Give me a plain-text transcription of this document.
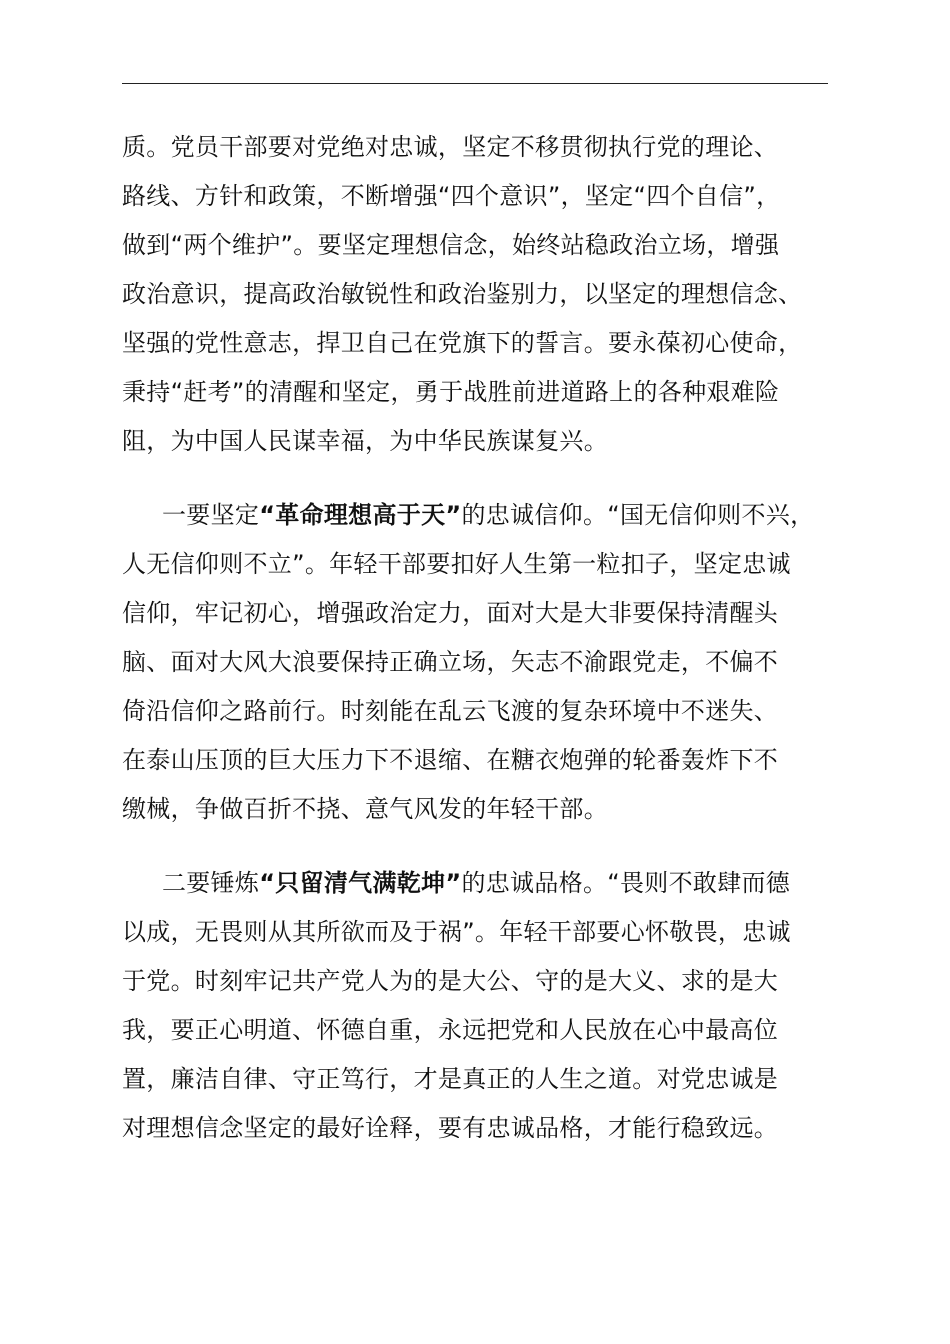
质。党员干部要对党绝对忠诚，坚定不移贯彻执行党的理论、
路线、方针和政策，不断增强“四个意识”，坚定“四个自信”，
做到“两个维护”。要坚定理想信念，始终站稳政治立场，增强
政治意识，提高政治敏锐性和政治鉴别力，以坚定的理想信念、
坚强的党性意志，捍卫自己在党旗下的誓言。要永葆初心使命，
秉持“赶考”的清醒和坚定，勇于战胜前进道路上的各种艰难险
阻，为中国人民谋幸福，为中华民族谋复兴。
一要坚定“革命理想高于天”的忠诚信仰。“国无信仰则不兴，
人无信仰则不立”。年轻干部要扣好人生第一粒扣子，坚定忠诚
信仰，牢记初心，增强政治定力，面对大是大非要保持清醒头
脑、面对大风大浪要保持正确立场，矢志不渝跟党走，不偏不
倚沿信仰之路前行。时刻能在乱云飞渡的复杂环境中不迷失、
在泰山压顶的巨大压力下不退缩、在糖衣炮弹的轮番轰炸下不
缴械，争做百折不挠、意气风发的年轻干部。
二要锤炼“只留清气满乾坤”的忠诚品格。“畏则不敢肆而德
以成，无畏则从其所欲而及于祸”。年轻干部要心怀敬畏，忠诚
于党。时刻牢记共产党人为的是大公、守的是大义、求的是大
我，要正心明道、怀德自重，永远把党和人民放在心中最高位
置，廉洁自律、守正笃行，才是真正的人生之道。对党忠诚是
对理想信念坚定的最好诠释，要有忠诚品格，才能行稳致远。
